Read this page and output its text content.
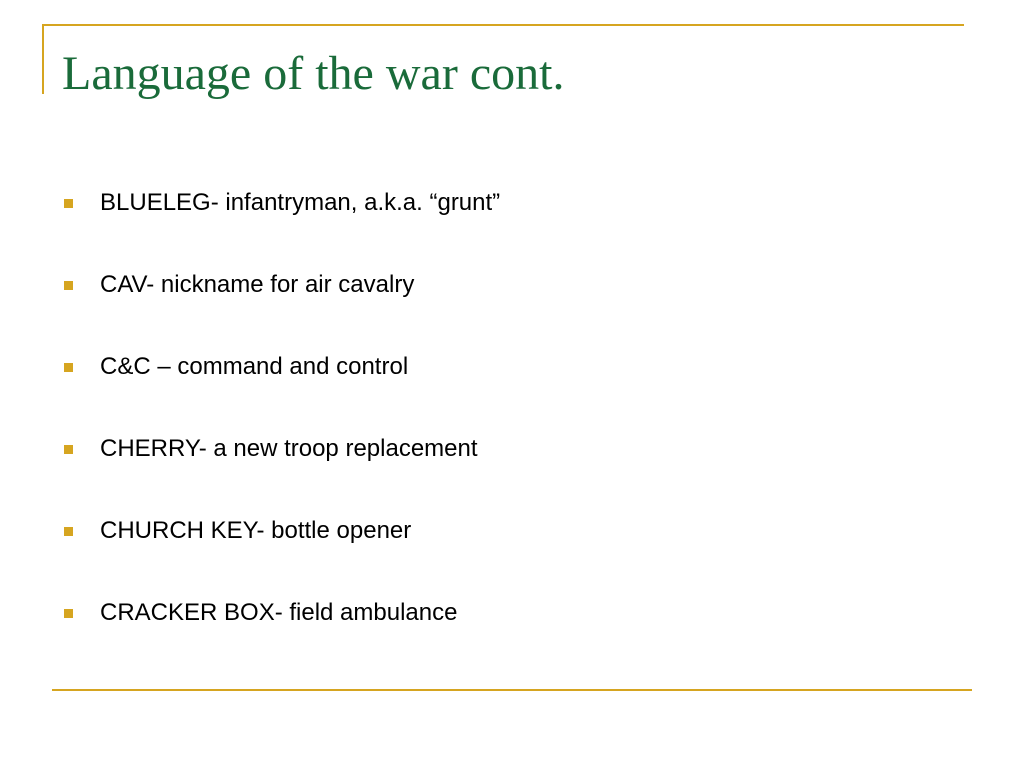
Language of the war cont.
BLUELEG- infantryman, a.k.a. “grunt”
CAV- nickname for air cavalry
C&C – command and control
CHERRY- a new troop replacement
CHURCH KEY- bottle opener
CRACKER BOX- field ambulance
